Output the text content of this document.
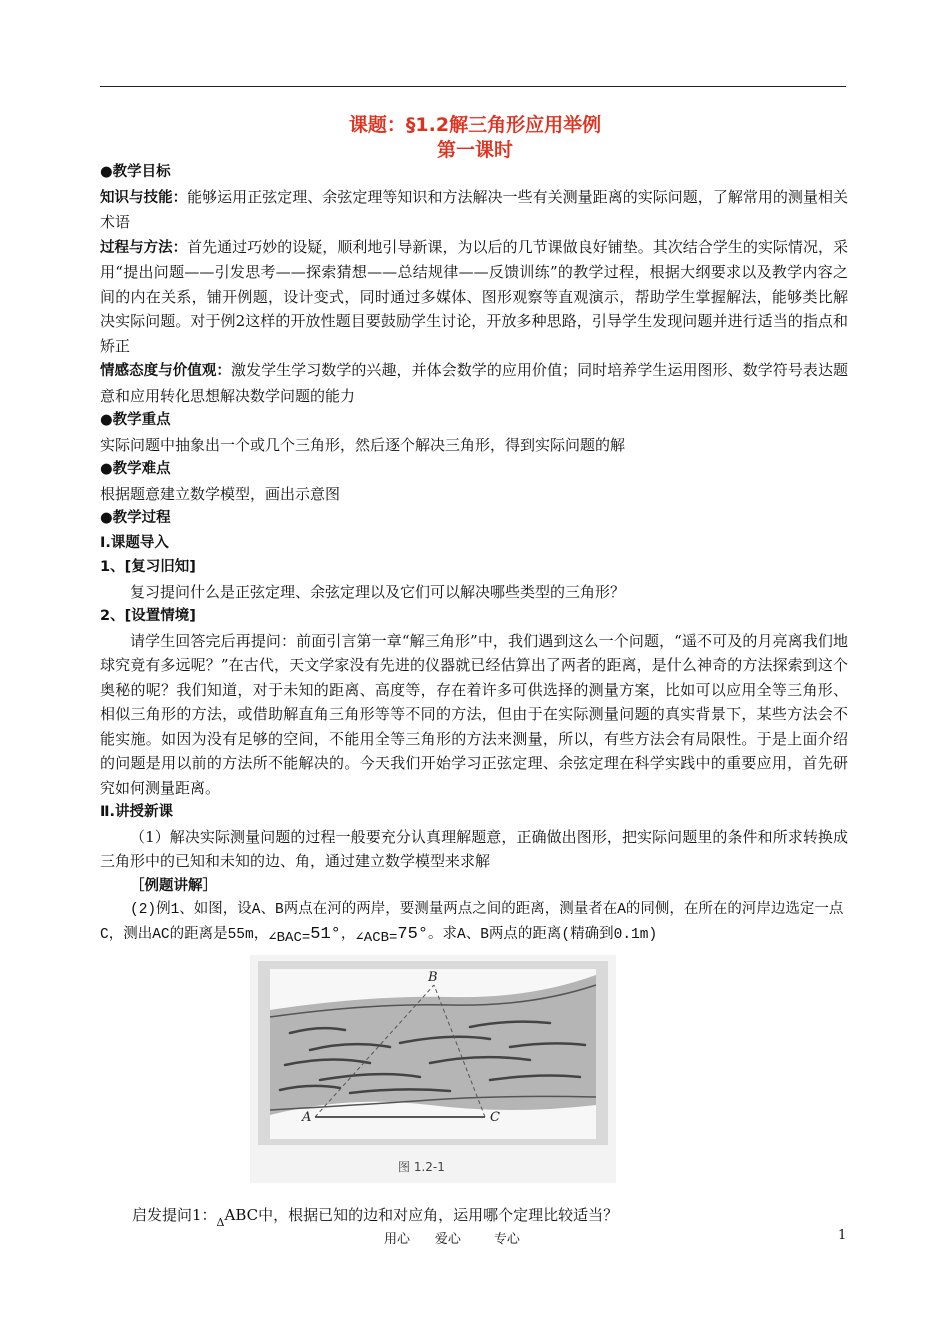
课题：§1.2解三角形应用举例
第一课时

●教学目标

知识与技能：能够运用正弦定理、余弦定理等知识和方法解决一些有关测量距离的实际问题，了解常用的测量相关术语

过程与方法：首先通过巧妙的设疑，顺利地引导新课，为以后的几节课做良好铺垫。其次结合学生的实际情况，采用“提出问题——引发思考——探索猜想——总结规律——反馈训练”的教学过程，根据大纲要求以及教学内容之间的内在关系，铺开例题，设计变式，同时通过多媒体、图形观察等直观演示，帮助学生掌握解法，能够类比解决实际问题。对于例2这样的开放性题目要鼓励学生讨论，开放多种思路，引导学生发现问题并进行适当的指点和矫正

情感态度与价值观：激发学生学习数学的兴趣，并体会数学的应用价值；同时培养学生运用图形、数学符号表达题意和应用转化思想解决数学问题的能力

●教学重点

实际问题中抽象出一个或几个三角形，然后逐个解决三角形，得到实际问题的解

●教学难点

根据题意建立数学模型，画出示意图

●教学过程

Ⅰ.课题导入

1、[复习旧知]

复习提问什么是正弦定理、余弦定理以及它们可以解决哪些类型的三角形？

2、[设置情境]

请学生回答完后再提问：前面引言第一章“解三角形”中，我们遇到这么一个问题，“遥不可及的月亮离我们地球究竟有多远呢？”在古代，天文学家没有先进的仪器就已经估算出了两者的距离，是什么神奇的方法探索到这个奥秘的呢？我们知道，对于未知的距离、高度等，存在着许多可供选择的测量方案，比如可以应用全等三角形、相似三角形的方法，或借助解直角三角形等等不同的方法，但由于在实际测量问题的真实背景下，某些方法会不能实施。如因为没有足够的空间，不能用全等三角形的方法来测量，所以，有些方法会有局限性。于是上面介绍的问题是用以前的方法所不能解决的。今天我们开始学习正弦定理、余弦定理在科学实践中的重要应用，首先研究如何测量距离。

Ⅱ.讲授新课

（1）解决实际测量问题的过程一般要充分认真理解题意，正确做出图形，把实际问题里的条件和所求转换成三角形中的已知和未知的边、角，通过建立数学模型来求解

［例题讲解］

(2)例1、如图，设A、B两点在河的两岸，要测量两点之间的距离，测量者在A的同侧，在所在的河岸边选定一点C，测出AC的距离是55m，∠BAC=51°，∠ACB=75°。求A、B两点的距离(精确到0.1m)

A
B
C
图 1.2-1
启发提问1：$_\Delta$ABC中，根据已知的边和对应角，运用哪个定理比较适当？
用心 爱心	专心	1
